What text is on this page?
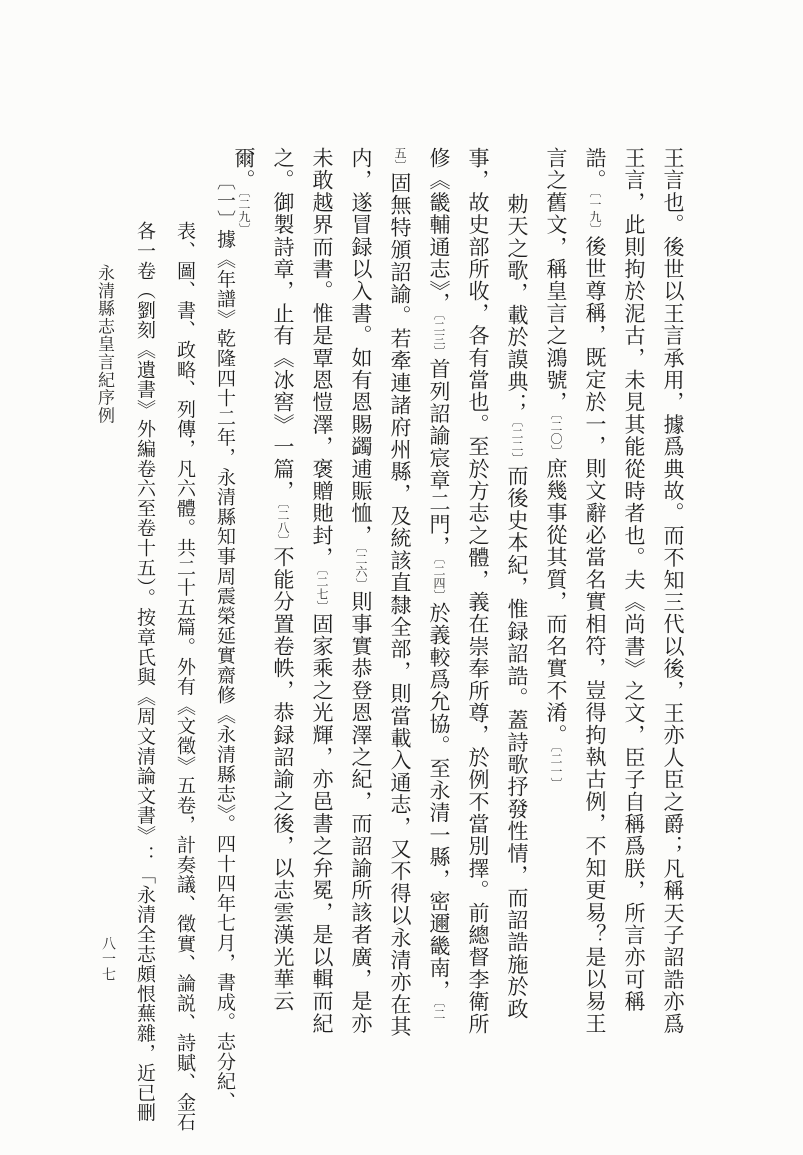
王言也。後世以王言承用，據爲典故。而不知三代以後，王亦人臣之爵；凡稱天子詔誥亦爲王言，此則拘於泥古，未見其能從時者也。夫《尚書》之文，臣子自稱爲朕，所言亦可稱誥。〔一九〕後世尊稱，既定於一，則文辭必當名實相符，豈得拘執古例，不知更易？是以易王言之舊文，稱皇言之鴻號，〔二〇〕庶幾事從其質，而名實不淆。〔二一〕

勅天之歌，載於謨典；〔二二〕而後史本紀，惟録詔誥。蓋詩歌抒發性情，而詔誥施於政事，故史部所收，各有當也。至於方志之體，義在崇奉所尊，於例不當別擇。前總督李衛所修《畿輔通志》，〔二三〕首列詔諭宸章二門，〔二四〕於義較爲允協。至永清一縣，密邇畿南，〔二五〕固無特頒詔諭。若牽連諸府州縣，及統該直隸全部，則當載入通志，又不得以永清亦在其内，遂冒録以入書。如有恩賜蠲逋賑恤，〔二六〕則事實恭登恩澤之紀，而詔諭所該者廣，是亦未敢越界而書。惟是覃恩愷澤，褒贈貤封，〔二七〕固家乘之光輝，亦邑書之弁冕，是以輯而紀之。御製詩章，止有《冰窖》一篇，〔二八〕不能分置卷帙，恭録詔諭之後，以志雲漢光華云爾。〔二九〕

〔一〕據《年譜》乾隆四十二年，永清縣知事周震榮延實齋修《永清縣志》。四十四年七月，書成。志分紀、表、圖、書、政略、列傳，凡六體。共二十五篇。外有《文徵》五卷，計奏議、徵實、論説、詩賦、金石各一卷（劉刻《遺書》外編卷六至卷十五）。按章氏與《周文清論文書》：「永清全志頗恨蕪雜，近已刪

永清縣志皇言紀序例
八一七
